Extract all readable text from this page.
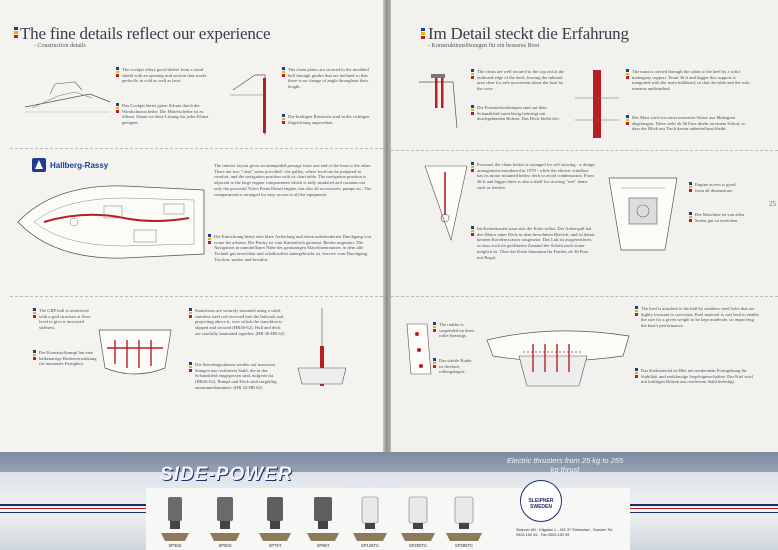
The fine details reflect our experience
- Construction details
The cockpit offers good shelter from a wind shield with an opening mid section that works perfectly in cold as well as heat.
Das Cockpit bietet guten Schutz durch die Windschutzscheibe. Die Mittelscheibe ist zu öffnen. Damit ist diese Lösung für jedes Klima geeignet.
The chain plates are secured to the moulded hull through guides that are inclined so that there is no change of angle throughout their length.
Die kräftigen Rüsteisen sind in der richtigen Zugrichtung angeordnet.
Hallberg-Rassy	The interior layout gives an unimpeded passage from one end of the boat to the other. There are two "clear" areas provided - the galley, where food can be prepared in comfort, and the navigation position with its chart table. The navigation position is adjacent to the large engine compartment which is fully insulated and contains not only the powerful Volvo Penta Diesel engine, but also all accessories, pumps etc. The compartment is arranged for easy access to all the equipment.
Die Einrichtung bietet eine klare Aufteilung und einen unbehinderten Durchgang von vorne bis achtern. Die Pantry ist vom Kartentisch getrennt. Beides ungestört. Die Navigation in unmittelbarer Nähe des geräumigen Maschinenraumes, in dem alle Technik gut erreichbar und schallisoliert untergebracht ist. Service vom Durchgang. Trocken, sauber und bewährt.
The GRP hull is reinforced with a grid structure at floor level to give it increased stiffness.
Der Kunststoffrumpf hat eine balkenartige Bodenverstärkung für maximale Festigkeit.
Stanchions are securely mounted using a solid, stainless steel rod recessed into the bulwark and projecting above it, over which the stanchion is slipped and secured (HR36-62). Hull and deck are carefully laminated together. (HR 36-HR 62)
Die Seerelingsstützen werden auf massiven Stangen aus rostfreiem Stahl, die in das Schanzkleid eingegossen sind, aufgesteckt. (HR36-62). Rumpf und Deck sind sorgfältig zusammenlaminiert. (HR 34-HR 62)
Im Detail steckt die Erfahrung
- Konstruktionslösungen für ein besseres Boot
The cleats are well secured to the cap rail at the outboard edge of the deck, leaving the inboard area clear for safe movement about the boat by the crew.
Die Festmacherklampen sind auf dem Schanzkleid zuverlässig befestigt mit durchgehenden Bolzen. Das Deck bleibt frei.
The mast is carried through the cabin to the keel by a solid mahogany support. From 36 ft and bigger this support is integrated with the main bulkhead, so that the table and the sofa remains undisturbed.
Der Mast wird von einer massiven Stütze aus Mahagoni abgefangen. Diese steht ab 36 Fuss direkt an einem Schott, so dass der Blick am Tisch davon unbeeinflusst bleibt.
Forward, the chain locker is arranged for self stowing - a design arrangement introduced in 1978 - while the electric windlass has its motor mounted below deck to avoid condensation. From 36 ft and bigger there is also a shelf for stowing "wet" items such as fenders.
Im Kettenkasten staut sich die Kette selbst. Der Ankerspill hat den Motor unter Deck in dem bewohnten Bereich, und ist damit keinem Kondenswasser ausgesetzt. Das Luk ist ausgezeichnet, so dass auch im geöffneten Zustand der Schritt nach vorne möglich ist. Über der Kette Stauraum für Fender, ab 36 Fuss mit Regal.
Engine access is good from all dimensions.
Die Maschine ist von allen Seiten gut zu erreichen.
25
The rudder is suspended on three roller bearings.
Das stabile Ruder ist dreifach rollengelagert.
The keel is attached to the hull by stainless steel bolts that are highly resistant to corrosion. Keel material is cast lead to enable the size for a given weight to be kept moderate, so improving the boat's performance.
Das Kielmaterial ist Blei mit moderatem Formgebung für Stabilität und erstklassige Segeleigenschaften. Der Kiel wird mit kräftigen Bolzen aus rostfreiem Stahl befestigt.
SIDE-POWER	- the market leader
Electric thrusters from 25 kg to 255 kg thrust
SP35S	SP55S	SP75T	SP95T	SP125TC	SP200TC	SP285TC
SLEIPNER SWEDEN
Sleipner AB - Kilgatan 1 - 452 37 Strömstad - Sweden Tel. 0526-150 95 - Fax 0526-152 95
